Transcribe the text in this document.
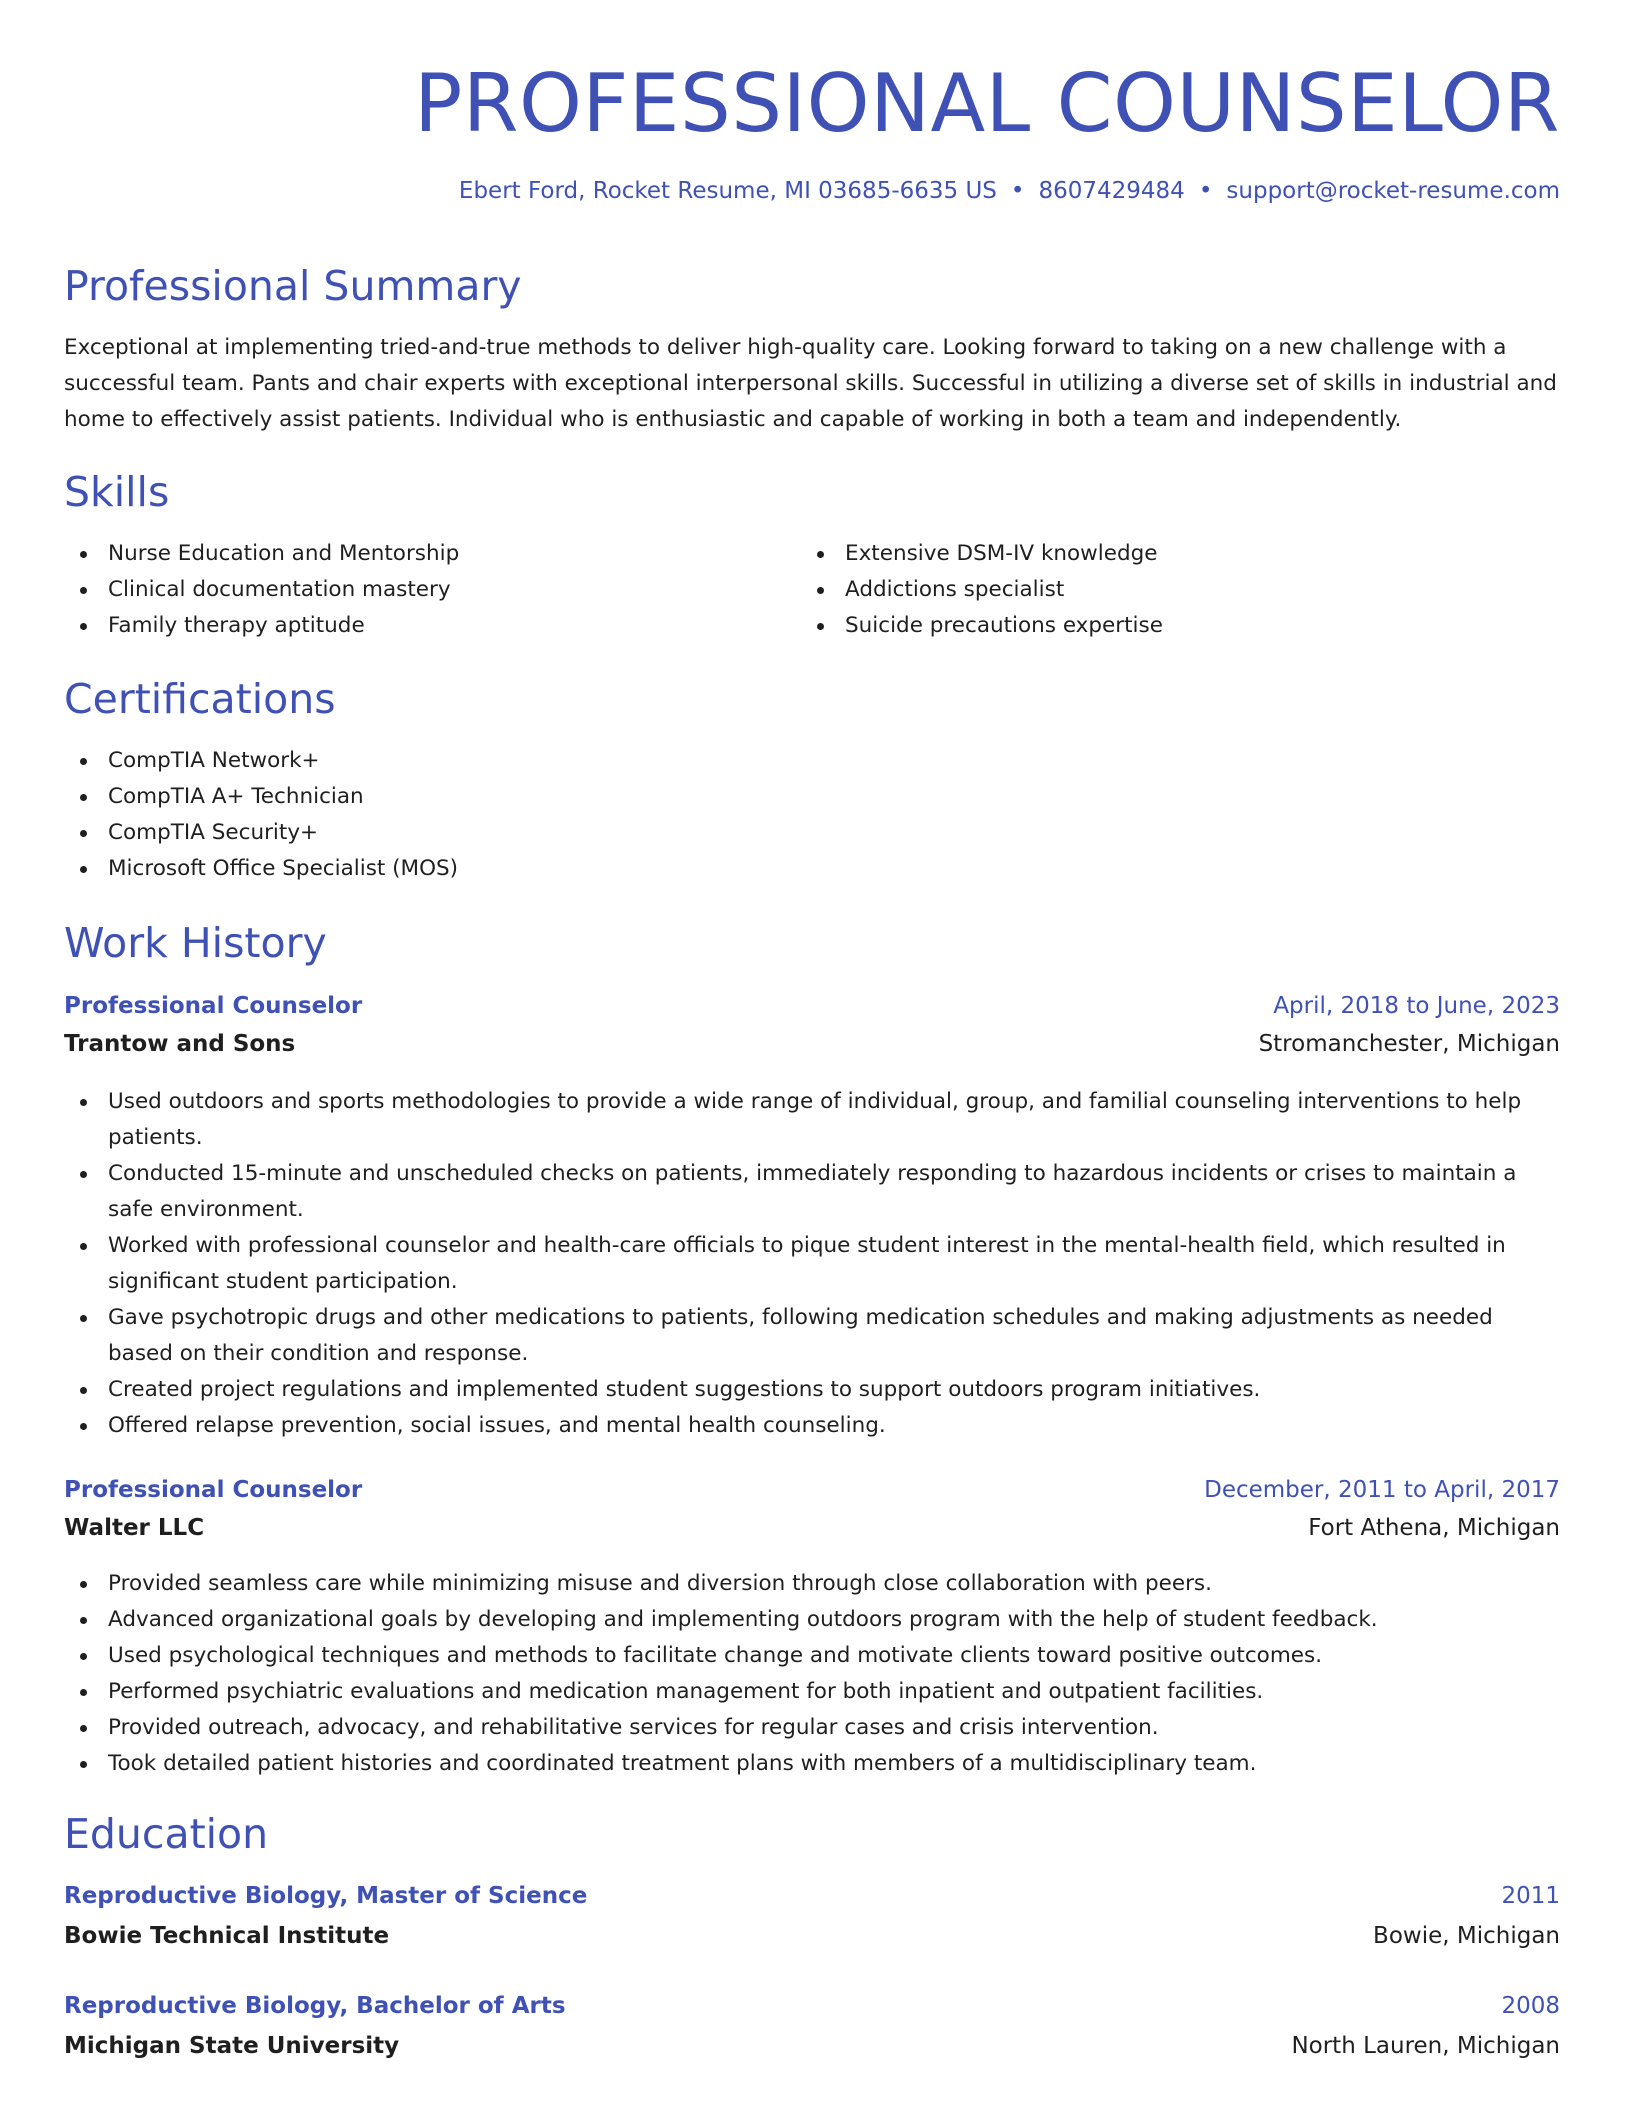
PROFESSIONAL COUNSELOR
Ebert Ford, Rocket Resume, MI 03685-6635 US • 8607429484 • support@rocket-resume.com
Professional Summary
Exceptional at implementing tried-and-true methods to deliver high-quality care. Looking forward to taking on a new challenge with a successful team. Pants and chair experts with exceptional interpersonal skills. Successful in utilizing a diverse set of skills in industrial and home to effectively assist patients. Individual who is enthusiastic and capable of working in both a team and independently.
Skills
Nurse Education and Mentorship
Clinical documentation mastery
Family therapy aptitude
Extensive DSM-IV knowledge
Addictions specialist
Suicide precautions expertise
Certifications
CompTIA Network+
CompTIA A+ Technician
CompTIA Security+
Microsoft Office Specialist (MOS)
Work History
Professional Counselor	April, 2018 to June, 2023
Trantow and Sons	Stromanchester, Michigan
Used outdoors and sports methodologies to provide a wide range of individual, group, and familial counseling interventions to help patients.
Conducted 15-minute and unscheduled checks on patients, immediately responding to hazardous incidents or crises to maintain a safe environment.
Worked with professional counselor and health-care officials to pique student interest in the mental-health field, which resulted in significant student participation.
Gave psychotropic drugs and other medications to patients, following medication schedules and making adjustments as needed based on their condition and response.
Created project regulations and implemented student suggestions to support outdoors program initiatives.
Offered relapse prevention, social issues, and mental health counseling.
Professional Counselor	December, 2011 to April, 2017
Walter LLC	Fort Athena, Michigan
Provided seamless care while minimizing misuse and diversion through close collaboration with peers.
Advanced organizational goals by developing and implementing outdoors program with the help of student feedback.
Used psychological techniques and methods to facilitate change and motivate clients toward positive outcomes.
Performed psychiatric evaluations and medication management for both inpatient and outpatient facilities.
Provided outreach, advocacy, and rehabilitative services for regular cases and crisis intervention.
Took detailed patient histories and coordinated treatment plans with members of a multidisciplinary team.
Education
Reproductive Biology, Master of Science	2011
Bowie Technical Institute	Bowie, Michigan
Reproductive Biology, Bachelor of Arts	2008
Michigan State University	North Lauren, Michigan
